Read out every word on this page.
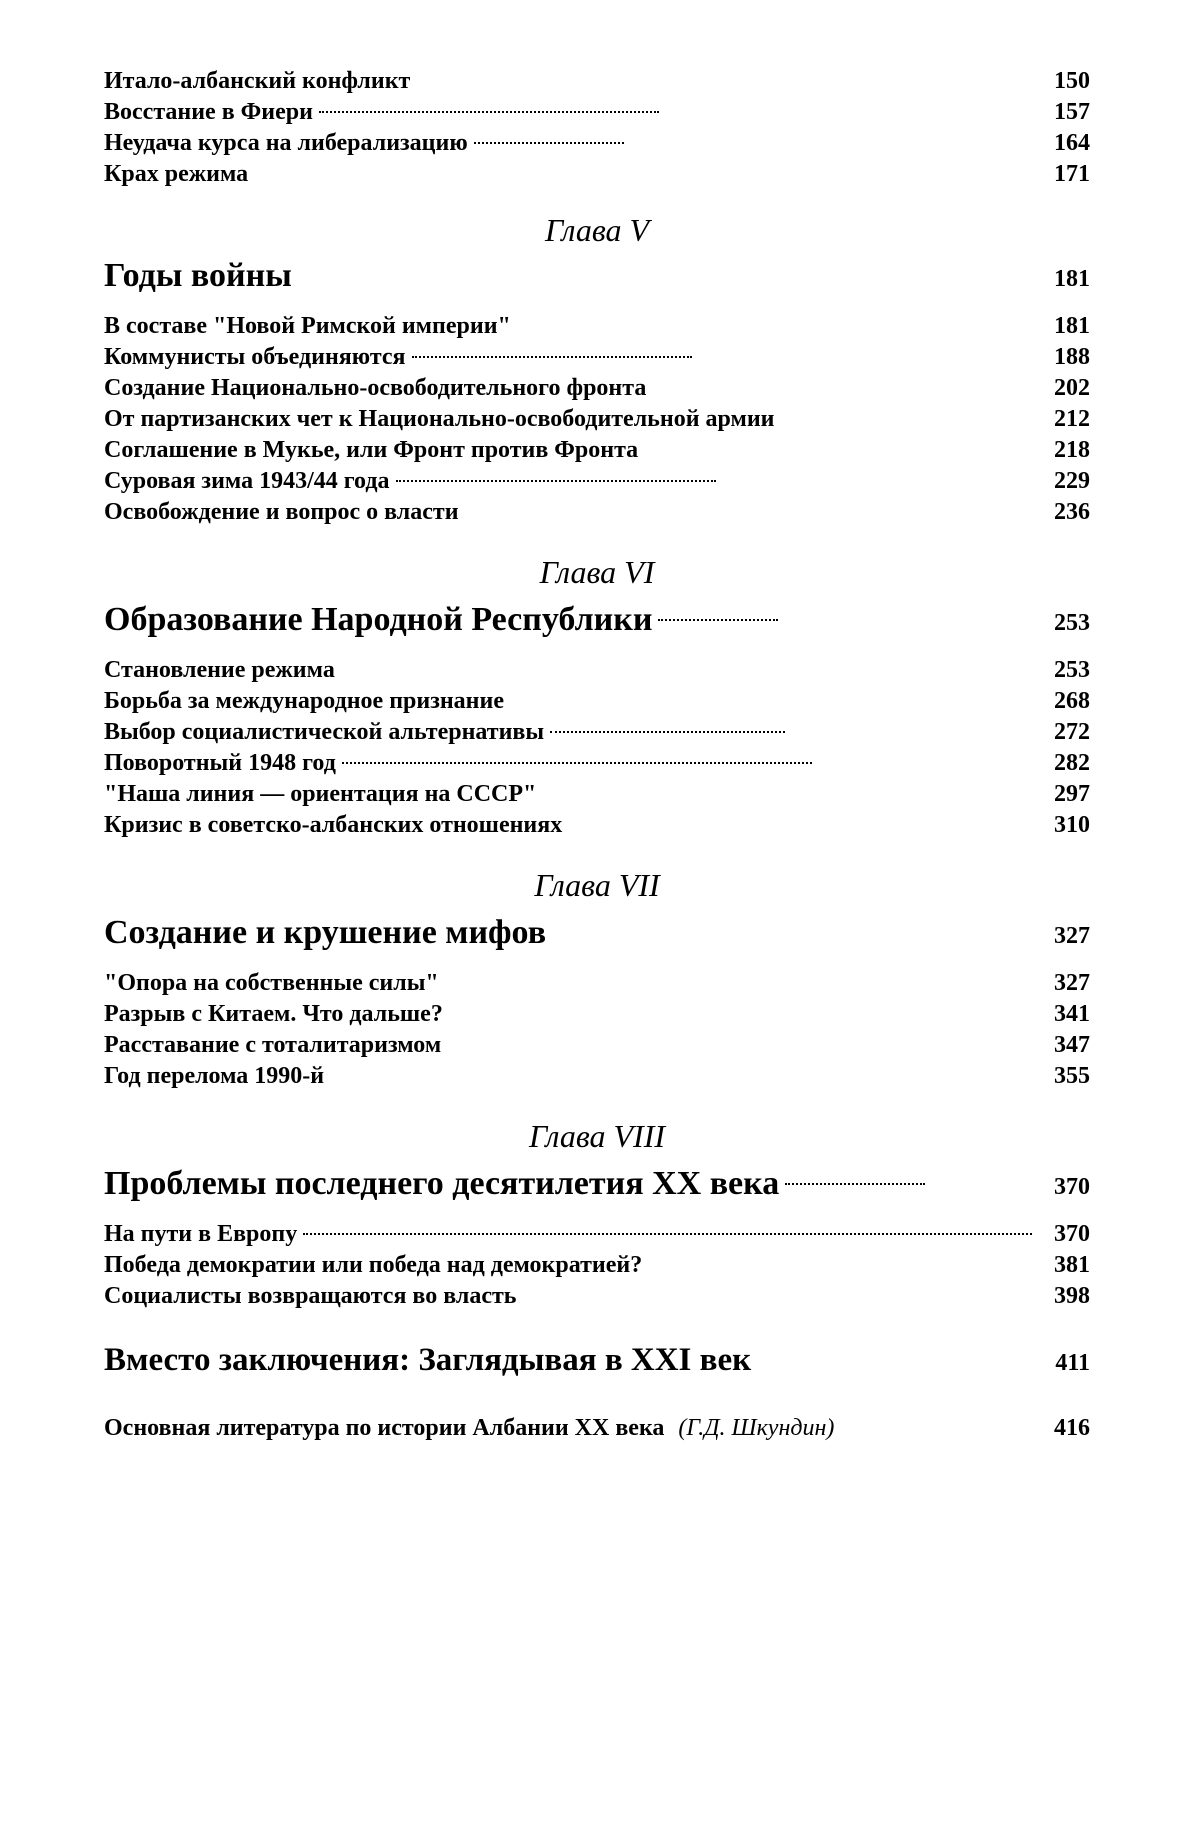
Итало-албанский конфликт	150
Восстание в Фиери	157
Неудача курса на либерализацию	164
Крах режима	171
Глава V
Годы войны	181
В составе "Новой Римской империи"	181
Коммунисты объединяются	188
Создание Национально-освободительного фронта	202
От партизанских чет к Национально-освободительной армии	212
Соглашение в Мукье, или Фронт против Фронта	218
Суровая зима 1943/44 года	229
Освобождение и вопрос о власти	236
Глава VI
Образование Народной Республики	253
Становление режима	253
Борьба за международное признание	268
Выбор социалистической альтернативы	272
Поворотный 1948 год	282
"Наша линия — ориентация на СССР"	297
Кризис в советско-албанских отношениях	310
Глава VII
Создание и крушение мифов	327
"Опора на собственные силы"	327
Разрыв с Китаем. Что дальше?	341
Расставание с тоталитаризмом	347
Год перелома 1990-й	355
Глава VIII
Проблемы последнего десятилетия XX века	370
На пути в Европу	370
Победа демократии или победа над демократией?	381
Социалисты возвращаются во власть	398
Вместо заключения: Заглядывая в XXI век	411
Основная литература по истории Албании XX века (Г.Д. Шкундин)	416
